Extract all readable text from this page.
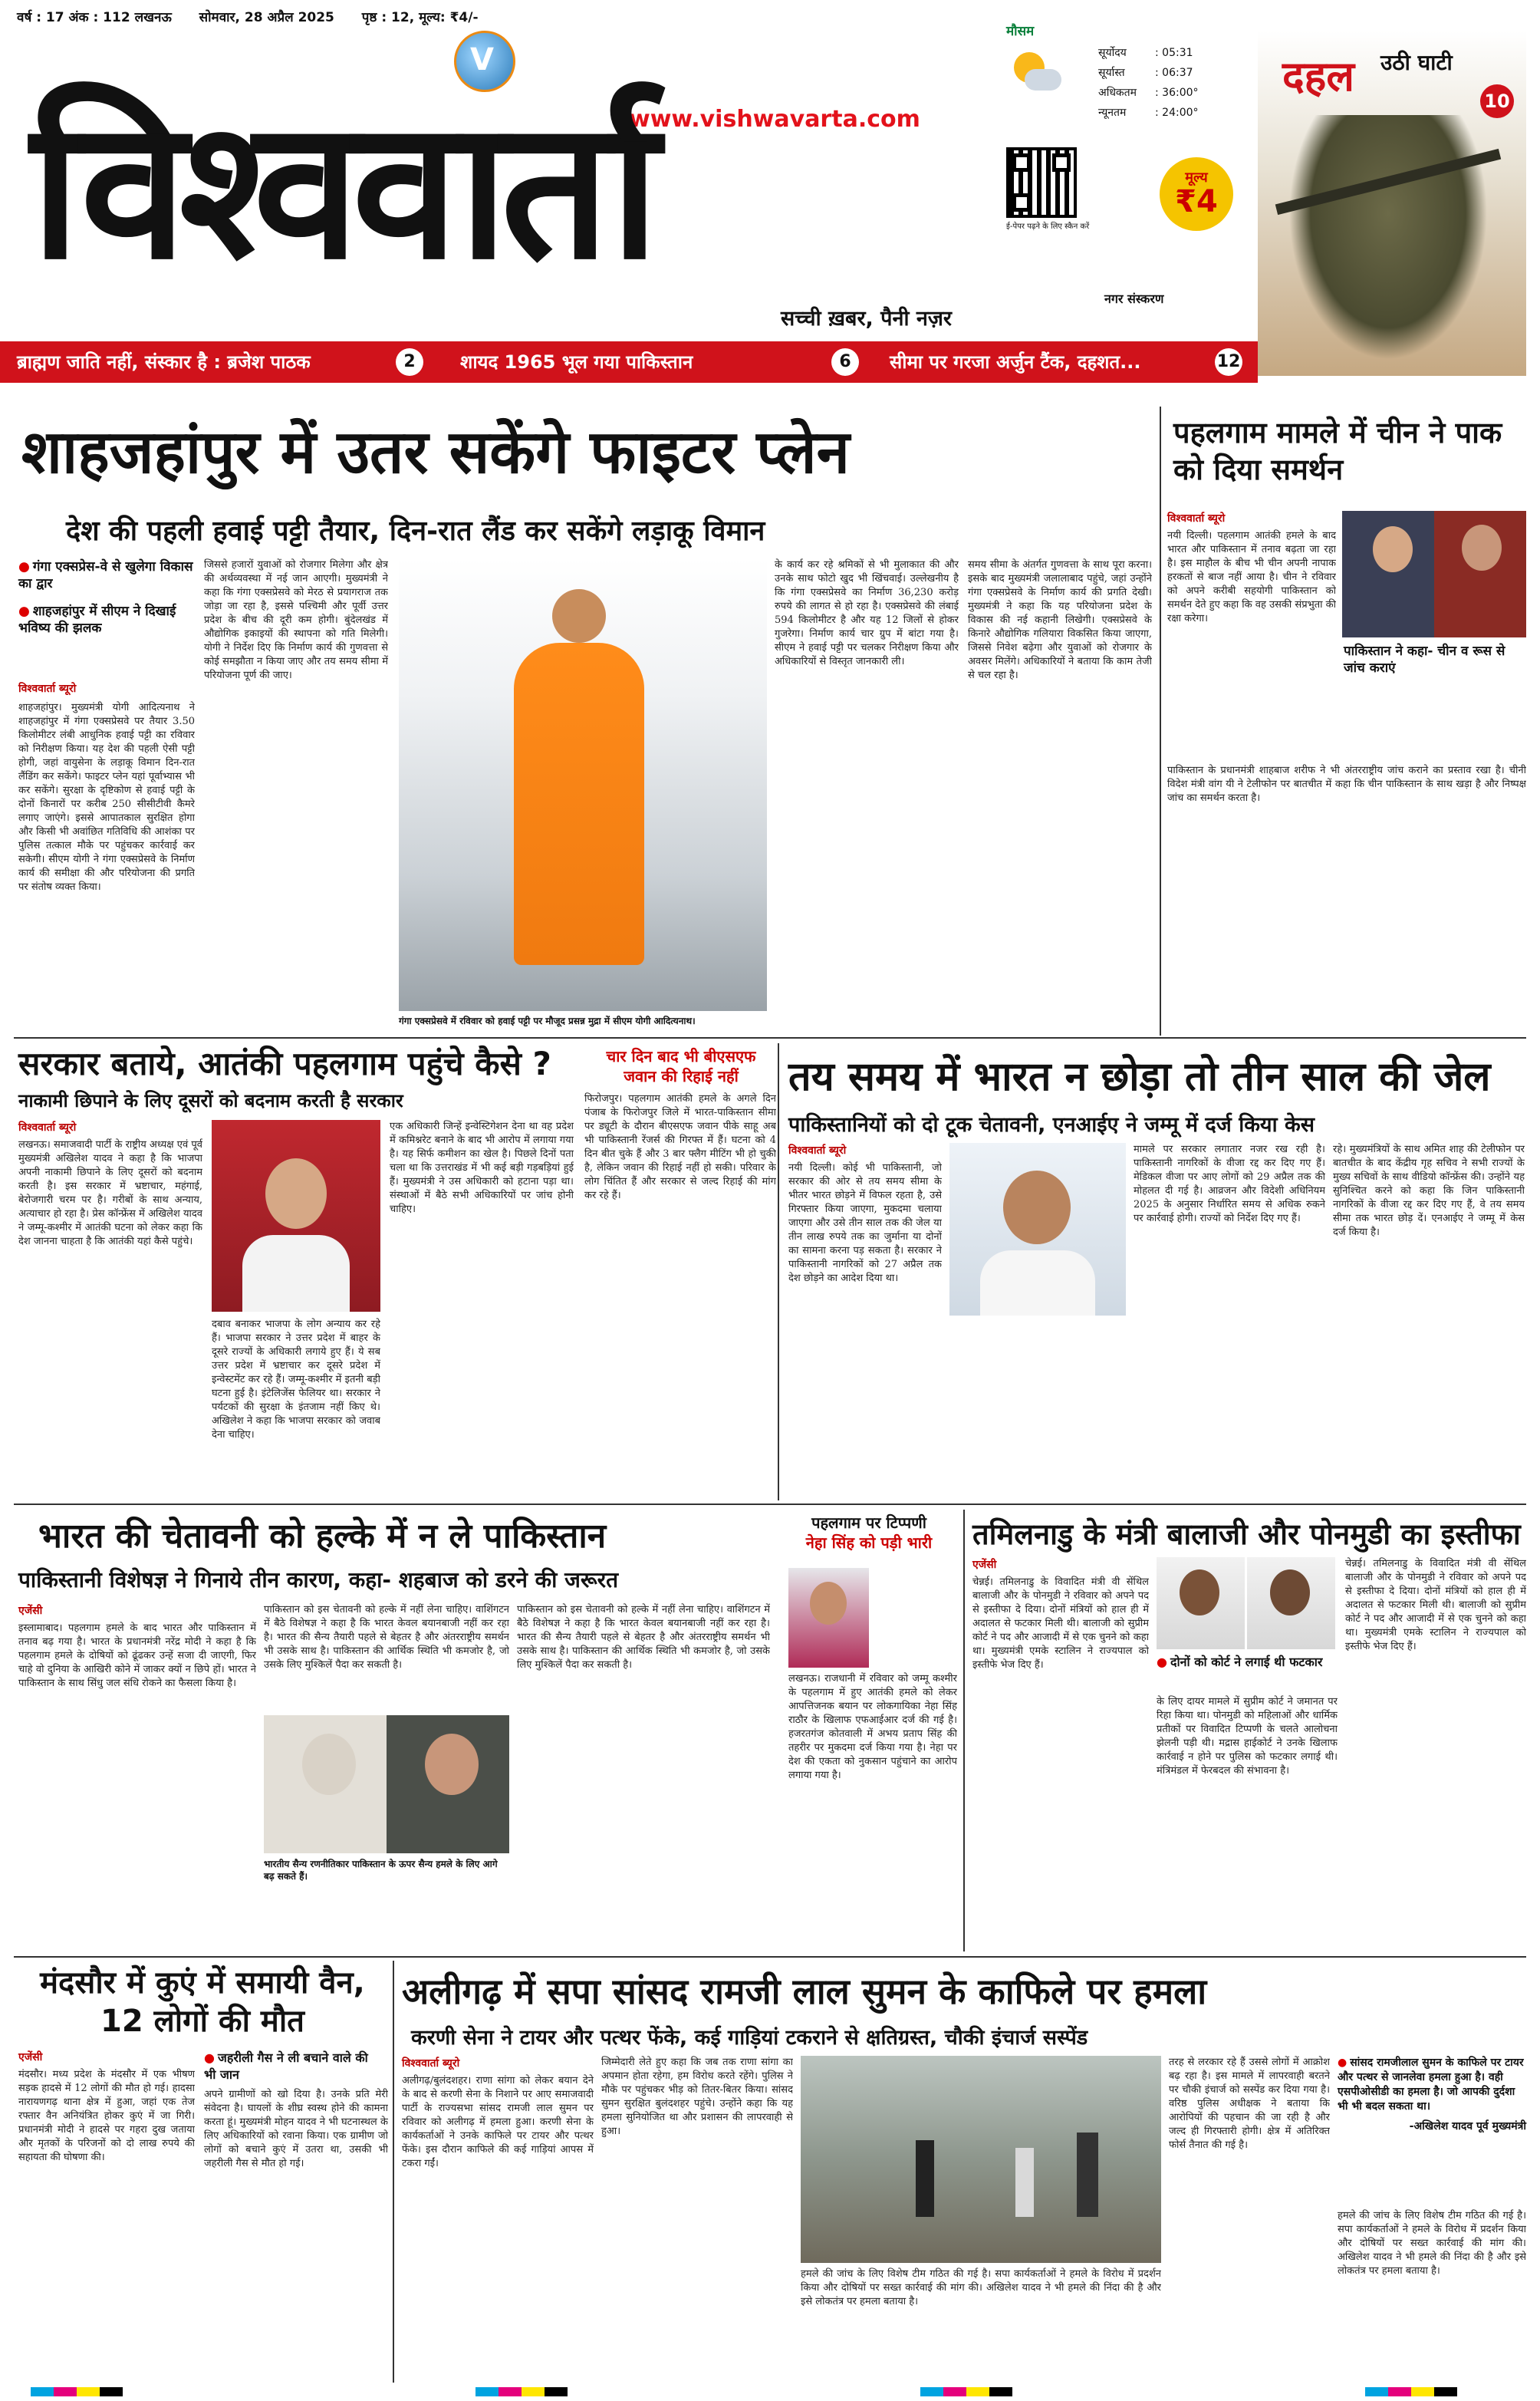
वर्ष : 17 अंक : 112 लखनऊ सोमवार, 28 अप्रैल 2025 पृष्ठ : 12, मूल्य: ₹4/-
V
www.vishwavarta.com
विश्ववार्ता
सच्ची ख़बर, पैनी नज़र
मौसम
सूर्योदय	: 05:31
सूर्यास्त	: 06:37
अधिकतम : 36:00°
न्यूनतम	: 24:00°
ई-पेपर पढ़ने के लिए स्कैन करें
मूल्य
₹4
नगर संस्करण
दहल उठी घाटी
10
ब्राह्मण जाति नहीं, संस्कार है : ब्रजेश पाठक	2	शायद 1965 भूल गया पाकिस्तान	6	सीमा पर गरजा अर्जुन टैंक, दहशत...	12
शाहजहांपुर में उतर सकेंगे फाइटर प्लेन
देश की पहली हवाई पट्टी तैयार, दिन-रात लैंड कर सकेंगे लड़ाकू विमान
● गंगा एक्सप्रेस-वे से खुलेगा विकास का द्वार
● शाहजहांपुर में सीएम ने दिखाई भविष्य की झलक
विश्ववार्ता ब्यूरो
शाहजहांपुर। मुख्यमंत्री योगी आदित्यनाथ ने शाहजहांपुर में गंगा एक्सप्रेसवे पर तैयार 3.50 किलोमीटर लंबी आधुनिक हवाई पट्टी का रविवार को निरीक्षण किया। यह देश की पहली ऐसी पट्टी होगी, जहां वायुसेना के लड़ाकू विमान दिन-रात लैंडिंग कर सकेंगे। फाइटर प्लेन यहां पूर्वाभ्यास भी कर सकेंगे। सुरक्षा के दृष्टिकोण से हवाई पट्टी के दोनों किनारों पर करीब 250 सीसीटीवी कैमरे लगाए जाएंगे। इससे आपातकाल सुरक्षित होगा और किसी भी अवांछित गतिविधि की आशंका पर पुलिस तत्काल मौके पर पहुंचकर कार्रवाई कर सकेगी। सीएम योगी ने गंगा एक्सप्रेसवे के निर्माण कार्य की समीक्षा की और परियोजना की प्रगति पर संतोष व्यक्त किया।
जिससे हजारों युवाओं को रोजगार मिलेगा और क्षेत्र की अर्थव्यवस्था में नई जान आएगी। मुख्यमंत्री ने कहा कि गंगा एक्सप्रेसवे को मेरठ से प्रयागराज तक जोड़ा जा रहा है, इससे पश्चिमी और पूर्वी उत्तर प्रदेश के बीच की दूरी कम होगी। बुंदेलखंड में औद्योगिक इकाइयों की स्थापना को गति मिलेगी। योगी ने निर्देश दिए कि निर्माण कार्य की गुणवत्ता से कोई समझौता न किया जाए और तय समय सीमा में परियोजना पूर्ण की जाए।
गंगा एक्सप्रेसवे में रविवार को हवाई पट्टी पर मौजूद प्रसन्न मुद्रा में सीएम योगी आदित्यनाथ।
के कार्य कर रहे श्रमिकों से भी मुलाकात की और उनके साथ फोटो खुद भी खिंचवाई। उल्लेखनीय है कि गंगा एक्सप्रेसवे का निर्माण 36,230 करोड़ रुपये की लागत से हो रहा है। एक्सप्रेसवे की लंबाई 594 किलोमीटर है और यह 12 जिलों से होकर गुजरेगा। निर्माण कार्य चार ग्रुप में बांटा गया है। सीएम ने हवाई पट्टी पर चलकर निरीक्षण किया और अधिकारियों से विस्तृत जानकारी ली।
समय सीमा के अंतर्गत गुणवत्ता के साथ पूरा करना। इसके बाद मुख्यमंत्री जलालाबाद पहुंचे, जहां उन्होंने गंगा एक्सप्रेसवे के निर्माण कार्य की प्रगति देखी। मुख्यमंत्री ने कहा कि यह परियोजना प्रदेश के विकास की नई कहानी लिखेगी। एक्सप्रेसवे के किनारे औद्योगिक गलियारा विकसित किया जाएगा, जिससे निवेश बढ़ेगा और युवाओं को रोजगार के अवसर मिलेंगे। अधिकारियों ने बताया कि काम तेजी से चल रहा है।
पहलगाम मामले में चीन ने पाक को दिया समर्थन
विश्ववार्ता ब्यूरो
नयी दिल्ली। पहलगाम आतंकी हमले के बाद भारत और पाकिस्तान में तनाव बढ़ता जा रहा है। इस माहौल के बीच भी चीन अपनी नापाक हरकतों से बाज नहीं आया है। चीन ने रविवार को अपने करीबी सहयोगी पाकिस्तान को समर्थन देते हुए कहा कि वह उसकी संप्रभुता की रक्षा करेगा।
पाकिस्तान ने कहा- चीन व रूस से जांच कराएं
पाकिस्तान के प्रधानमंत्री शाहबाज शरीफ ने भी अंतरराष्ट्रीय जांच कराने का प्रस्ताव रखा है। चीनी विदेश मंत्री वांग यी ने टेलीफोन पर बातचीत में कहा कि चीन पाकिस्तान के साथ खड़ा है और निष्पक्ष जांच का समर्थन करता है।
सरकार बताये, आतंकी पहलगाम पहुंचे कैसे ?
नाकामी छिपाने के लिए दूसरों को बदनाम करती है सरकार
विश्ववार्ता ब्यूरो
लखनऊ। समाजवादी पार्टी के राष्ट्रीय अध्यक्ष एवं पूर्व मुख्यमंत्री अखिलेश यादव ने कहा है कि भाजपा अपनी नाकामी छिपाने के लिए दूसरों को बदनाम करती है। इस सरकार में भ्रष्टाचार, महंगाई, बेरोजगारी चरम पर है। गरीबों के साथ अन्याय, अत्याचार हो रहा है। प्रेस कॉन्फ्रेंस में अखिलेश यादव ने जम्मू-कश्मीर में आतंकी घटना को लेकर कहा कि देश जानना चाहता है कि आतंकी यहां कैसे पहुंचे।
दबाव बनाकर भाजपा के लोग अन्याय कर रहे हैं। भाजपा सरकार ने उत्तर प्रदेश में बाहर के दूसरे राज्यों के अधिकारी लगाये हुए हैं। ये सब उत्तर प्रदेश में भ्रष्टाचार कर दूसरे प्रदेश में इन्वेस्टमेंट कर रहे हैं। जम्मू-कश्मीर में इतनी बड़ी घटना हुई है। इंटेलिजेंस फेलियर था। सरकार ने पर्यटकों की सुरक्षा के इंतजाम नहीं किए थे। अखिलेश ने कहा कि भाजपा सरकार को जवाब देना चाहिए।
एक अधिकारी जिन्हें इन्वेस्टिगेशन देना था वह प्रदेश में कमिश्नरेट बनाने के बाद भी आरोप में लगाया गया है। यह सिर्फ कमीशन का खेल है। पिछले दिनों पता चला था कि उत्तराखंड में भी कई बड़ी गड़बड़ियां हुई हैं। मुख्यमंत्री ने उस अधिकारी को हटाना पड़ा था। संस्थाओं में बैठे सभी अधिकारियों पर जांच होनी चाहिए।
चार दिन बाद भी बीएसएफ
जवान की रिहाई नहीं
फिरोजपुर। पहलगाम आतंकी हमले के अगले दिन पंजाब के फिरोजपुर जिले में भारत-पाकिस्तान सीमा पर ड्यूटी के दौरान बीएसएफ जवान पीके साहू अब भी पाकिस्तानी रेंजर्स की गिरफ्त में हैं। घटना को 4 दिन बीत चुके हैं और 3 बार फ्लैग मीटिंग भी हो चुकी है, लेकिन जवान की रिहाई नहीं हो सकी। परिवार के लोग चिंतित हैं और सरकार से जल्द रिहाई की मांग कर रहे हैं।
तय समय में भारत न छोड़ा तो तीन साल की जेल
पाकिस्तानियों को दो टूक चेतावनी, एनआईए ने जम्मू में दर्ज किया केस
विश्ववार्ता ब्यूरो
नयी दिल्ली। कोई भी पाकिस्तानी, जो सरकार की ओर से तय समय सीमा के भीतर भारत छोड़ने में विफल रहता है, उसे गिरफ्तार किया जाएगा, मुकदमा चलाया जाएगा और उसे तीन साल तक की जेल या तीन लाख रुपये तक का जुर्माना या दोनों का सामना करना पड़ सकता है। सरकार ने पाकिस्तानी नागरिकों को 27 अप्रैल तक देश छोड़ने का आदेश दिया था।
मामले पर सरकार लगातार नजर रख रही है। पाकिस्तानी नागरिकों के वीजा रद्द कर दिए गए हैं। मेडिकल वीजा पर आए लोगों को 29 अप्रैल तक की मोहलत दी गई है। आव्रजन और विदेशी अधिनियम 2025 के अनुसार निर्धारित समय से अधिक रुकने पर कार्रवाई होगी। राज्यों को निर्देश दिए गए हैं।
रहे। मुख्यमंत्रियों के साथ अमित शाह की टेलीफोन पर बातचीत के बाद केंद्रीय गृह सचिव ने सभी राज्यों के मुख्य सचिवों के साथ वीडियो कॉन्फ्रेंस की। उन्होंने यह सुनिश्चित करने को कहा कि जिन पाकिस्तानी नागरिकों के वीजा रद्द कर दिए गए हैं, वे तय समय सीमा तक भारत छोड़ दें। एनआईए ने जम्मू में केस दर्ज किया है।
भारत की चेतावनी को हल्के में न ले पाकिस्तान
पाकिस्तानी विशेषज्ञ ने गिनाये तीन कारण, कहा- शहबाज को डरने की जरूरत
एजेंसी
इस्लामाबाद। पहलगाम हमले के बाद भारत और पाकिस्तान में तनाव बढ़ गया है। भारत के प्रधानमंत्री नरेंद्र मोदी ने कहा है कि पहलगाम हमले के दोषियों को ढूंढकर उन्हें सजा दी जाएगी, फिर चाहे वो दुनिया के आखिरी कोने में जाकर क्यों न छिपे हों। भारत ने पाकिस्तान के साथ सिंधु जल संधि रोकने का फैसला किया है।
पाकिस्तान को इस चेतावनी को हल्के में नहीं लेना चाहिए। वाशिंगटन में बैठे विशेषज्ञ ने कहा है कि भारत केवल बयानबाजी नहीं कर रहा है। भारत की सैन्य तैयारी पहले से बेहतर है और अंतरराष्ट्रीय समर्थन भी उसके साथ है। पाकिस्तान की आर्थिक स्थिति भी कमजोर है, जो उसके लिए मुश्किलें पैदा कर सकती है।
भारतीय सैन्य रणनीतिकार पाकिस्तान के ऊपर सैन्य हमले के लिए आगे बढ़ सकते हैं।
पाकिस्तान को इस चेतावनी को हल्के में नहीं लेना चाहिए। वाशिंगटन में बैठे विशेषज्ञ ने कहा है कि भारत केवल बयानबाजी नहीं कर रहा है। भारत की सैन्य तैयारी पहले से बेहतर है और अंतरराष्ट्रीय समर्थन भी उसके साथ है। पाकिस्तान की आर्थिक स्थिति भी कमजोर है, जो उसके लिए मुश्किलें पैदा कर सकती है।
पहलगाम पर टिप्पणी
नेहा सिंह को पड़ी भारी
लखनऊ। राजधानी में रविवार को जम्मू कश्मीर के पहलगाम में हुए आतंकी हमले को लेकर आपत्तिजनक बयान पर लोकगायिका नेहा सिंह राठौर के खिलाफ एफआईआर दर्ज की गई है। हजरतगंज कोतवाली में अभय प्रताप सिंह की तहरीर पर मुकदमा दर्ज किया गया है। नेहा पर देश की एकता को नुकसान पहुंचाने का आरोप लगाया गया है।
तमिलनाडु के मंत्री बालाजी और पोनमुडी का इस्तीफा
एजेंसी
चेन्नई। तमिलनाडु के विवादित मंत्री वी सेंथिल बालाजी और के पोनमुडी ने रविवार को अपने पद से इस्तीफा दे दिया। दोनों मंत्रियों को हाल ही में अदालत से फटकार मिली थी। बालाजी को सुप्रीम कोर्ट ने पद और आजादी में से एक चुनने को कहा था। मुख्यमंत्री एमके स्टालिन ने राज्यपाल को इस्तीफे भेज दिए हैं।
●	दोनों को कोर्ट ने लगाई थी फटकार
के लिए दायर मामले में सुप्रीम कोर्ट ने जमानत पर रिहा किया था। पोनमुडी को महिलाओं और धार्मिक प्रतीकों पर विवादित टिप्पणी के चलते आलोचना झेलनी पड़ी थी। मद्रास हाईकोर्ट ने उनके खिलाफ कार्रवाई न होने पर पुलिस को फटकार लगाई थी। मंत्रिमंडल में फेरबदल की संभावना है।
चेन्नई। तमिलनाडु के विवादित मंत्री वी सेंथिल बालाजी और के पोनमुडी ने रविवार को अपने पद से इस्तीफा दे दिया। दोनों मंत्रियों को हाल ही में अदालत से फटकार मिली थी। बालाजी को सुप्रीम कोर्ट ने पद और आजादी में से एक चुनने को कहा था। मुख्यमंत्री एमके स्टालिन ने राज्यपाल को इस्तीफे भेज दिए हैं।
मंदसौर में कुएं में समायी वैन, 12 लोगों की मौत
एजेंसी
मंदसौर। मध्य प्रदेश के मंदसौर में एक भीषण सड़क हादसे में 12 लोगों की मौत हो गई। हादसा नारायणगढ़ थाना क्षेत्र में हुआ, जहां एक तेज रफ्तार वैन अनियंत्रित होकर कुएं में जा गिरी। प्रधानमंत्री मोदी ने हादसे पर गहरा दुख जताया और मृतकों के परिजनों को दो लाख रुपये की सहायता की घोषणा की।
● जहरीली गैस ने ली बचाने वाले की भी जान
अपने ग्रामीणों को खो दिया है। उनके प्रति मेरी संवेदना है। घायलों के शीघ्र स्वस्थ होने की कामना करता हूं। मुख्यमंत्री मोहन यादव ने भी घटनास्थल के लिए अधिकारियों को रवाना किया। एक ग्रामीण जो लोगों को बचाने कुएं में उतरा था, उसकी भी जहरीली गैस से मौत हो गई।
अलीगढ़ में सपा सांसद रामजी लाल सुमन के काफिले पर हमला
करणी सेना ने टायर और पत्थर फेंके, कई गाड़ियां टकराने से क्षतिग्रस्त, चौकी इंचार्ज सस्पेंड
विश्ववार्ता ब्यूरो
अलीगढ़/बुलंदशहर। राणा सांगा को लेकर बयान देने के बाद से करणी सेना के निशाने पर आए समाजवादी पार्टी के राज्यसभा सांसद रामजी लाल सुमन पर रविवार को अलीगढ़ में हमला हुआ। करणी सेना के कार्यकर्ताओं ने उनके काफिले पर टायर और पत्थर फेंके। इस दौरान काफिले की कई गाड़ियां आपस में टकरा गईं।
जिम्मेदारी लेते हुए कहा कि जब तक राणा सांगा का अपमान होता रहेगा, हम विरोध करते रहेंगे। पुलिस ने मौके पर पहुंचकर भीड़ को तितर-बितर किया। सांसद सुमन सुरक्षित बुलंदशहर पहुंचे। उन्होंने कहा कि यह हमला सुनियोजित था और प्रशासन की लापरवाही से हुआ।
हमले की जांच के लिए विशेष टीम गठित की गई है। सपा कार्यकर्ताओं ने हमले के विरोध में प्रदर्शन किया और दोषियों पर सख्त कार्रवाई की मांग की। अखिलेश यादव ने भी हमले की निंदा की है और इसे लोकतंत्र पर हमला बताया है।
तरह से लरकार रहे हैं उससे लोगों में आक्रोश बढ़ रहा है। इस मामले में लापरवाही बरतने पर चौकी इंचार्ज को सस्पेंड कर दिया गया है। वरिष्ठ पुलिस अधीक्षक ने बताया कि आरोपियों की पहचान की जा रही है और जल्द ही गिरफ्तारी होगी। क्षेत्र में अतिरिक्त फोर्स तैनात की गई है।
● सांसद रामजीलाल सुमन के काफिले पर टायर और पत्थर से जानलेवा हमला हुआ है। वही एसपीओसीडी का हमला है। जो आपकी दुर्दशा भी भी बदल सकता था।
-अखिलेश यादव पूर्व मुख्यमंत्री
हमले की जांच के लिए विशेष टीम गठित की गई है। सपा कार्यकर्ताओं ने हमले के विरोध में प्रदर्शन किया और दोषियों पर सख्त कार्रवाई की मांग की। अखिलेश यादव ने भी हमले की निंदा की है और इसे लोकतंत्र पर हमला बताया है।
